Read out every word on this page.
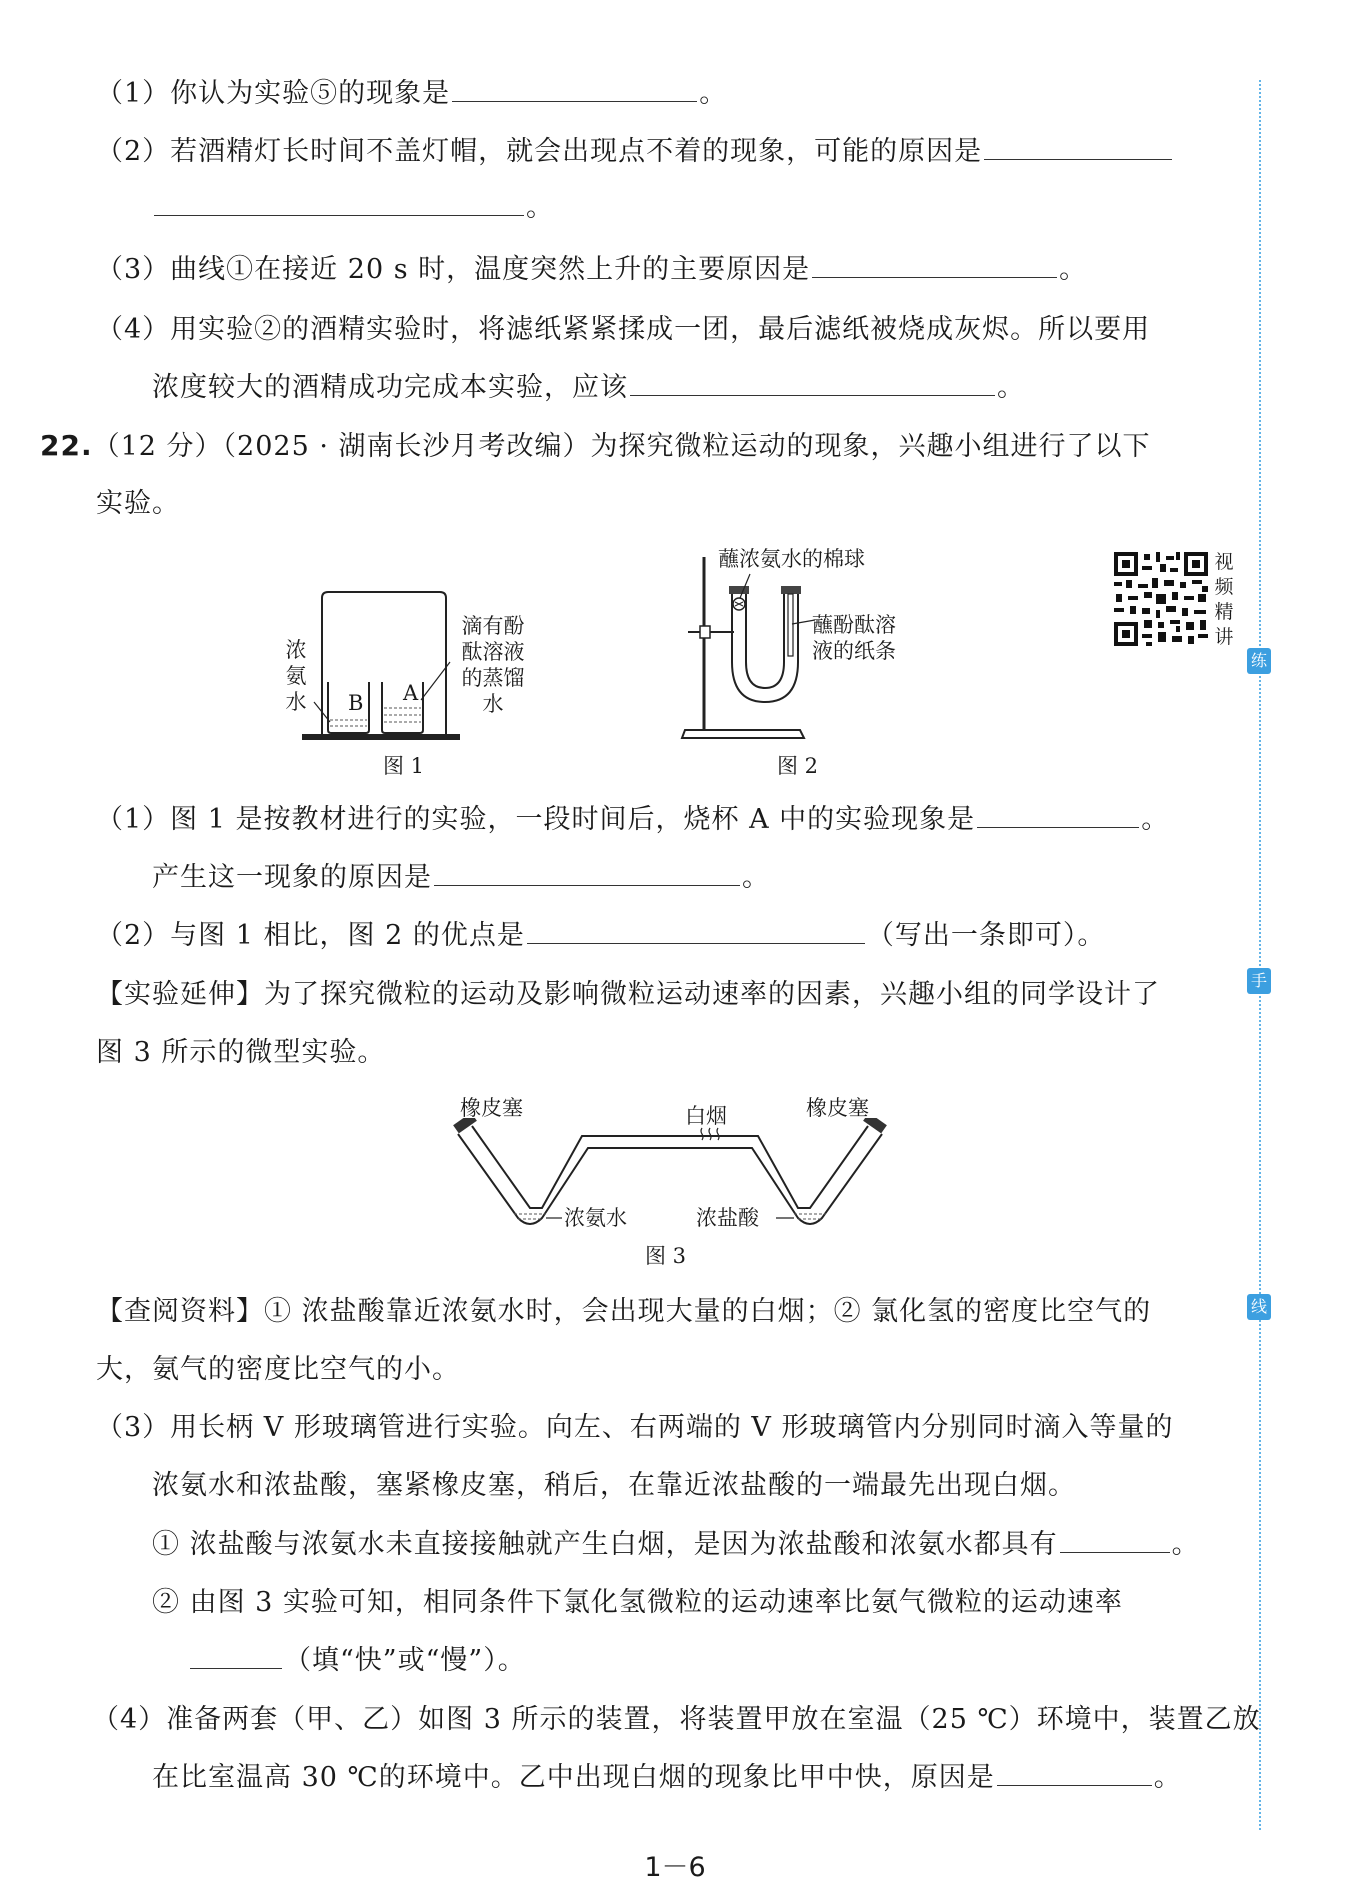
（1）你认为实验⑤的现象是	。
（2）若酒精灯长时间不盖灯帽，就会出现点不着的现象，可能的原因是
。
（3）曲线①在接近 20 s 时，温度突然上升的主要原因是	。
（4）用实验②的酒精实验时，将滤纸紧紧揉成一团，最后滤纸被烧成灰烬。所以要用
浓度较大的酒精成功完成本实验，应该	。
22.（12 分）（2025 · 湖南长沙月考改编）为探究微粒运动的现象，兴趣小组进行了以下
实验。
B A
浓
氨
水
滴有酚
酞溶液
的蒸馏
水
图 1
蘸浓氨水的棉球
蘸酚酞溶
液的纸条
图 2
视
频
精
讲
（1）图 1 是按教材进行的实验，一段时间后，烧杯 A 中的实验现象是	。
产生这一现象的原因是	。
（2）与图 1 相比，图 2 的优点是	（写出一条即可）。
【实验延伸】为了探究微粒的运动及影响微粒运动速率的因素，兴趣小组的同学设计了
图 3 所示的微型实验。
橡皮塞	白烟	橡皮塞
浓氨水	浓盐酸
图 3
【查阅资料】① 浓盐酸靠近浓氨水时，会出现大量的白烟；② 氯化氢的密度比空气的
大，氨气的密度比空气的小。
（3）用长柄 V 形玻璃管进行实验。向左、右两端的 V 形玻璃管内分别同时滴入等量的
浓氨水和浓盐酸，塞紧橡皮塞，稍后，在靠近浓盐酸的一端最先出现白烟。
① 浓盐酸与浓氨水未直接接触就产生白烟，是因为浓盐酸和浓氨水都具有	。
② 由图 3 实验可知，相同条件下氯化氢微粒的运动速率比氨气微粒的运动速率
（填“快”或“慢”）。
（4）准备两套（甲、乙）如图 3 所示的装置，将装置甲放在室温（25 ℃）环境中，装置乙放
在比室温高 30 ℃的环境中。乙中出现白烟的现象比甲中快，原因是	。
练
手
线
1－6
